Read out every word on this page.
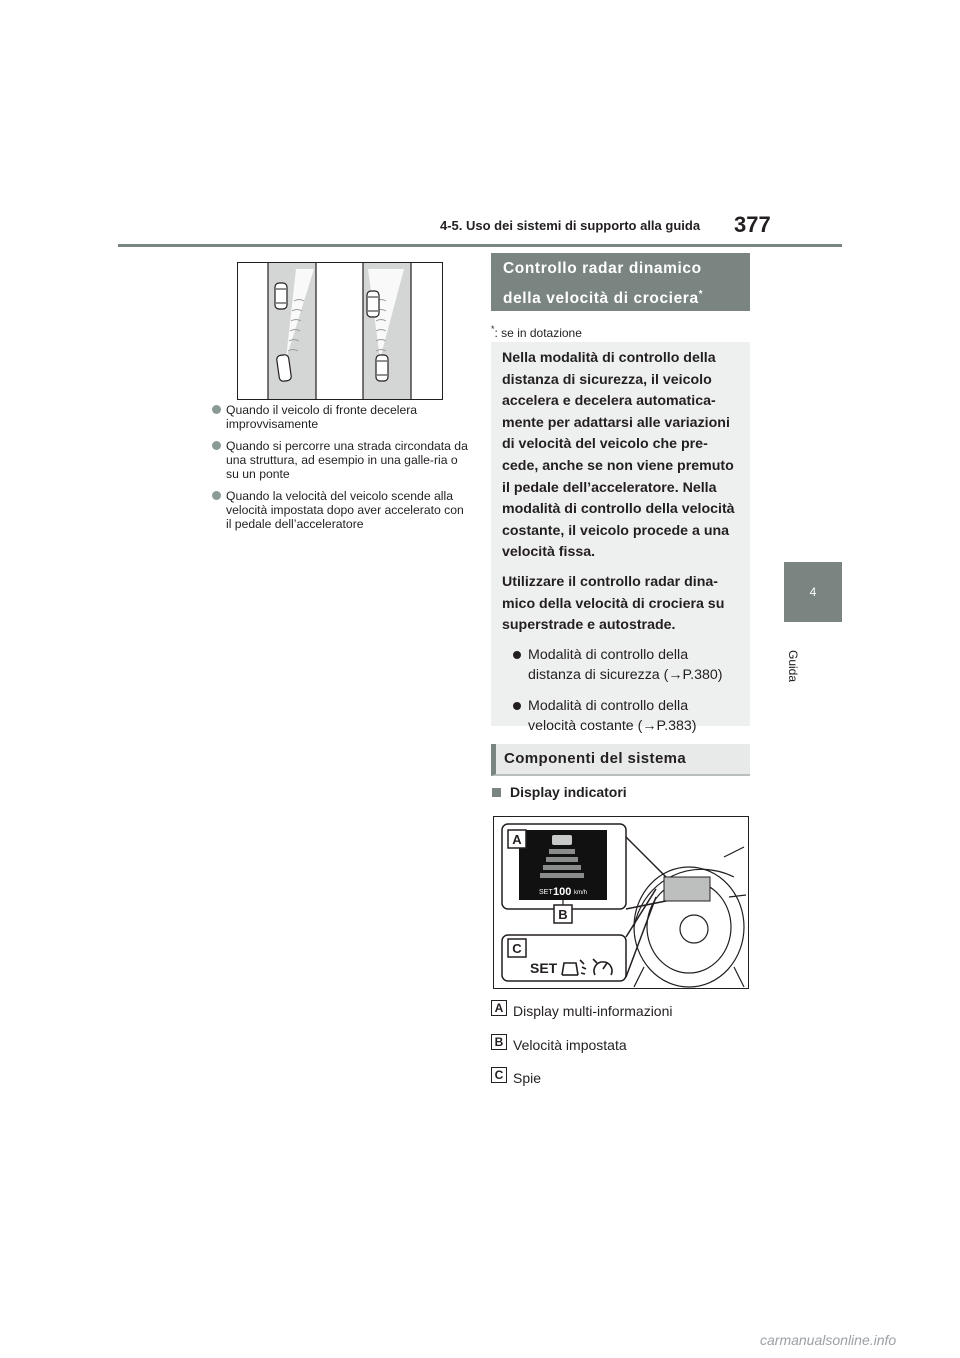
4-5. Uso dei sistemi di supporto alla guida 377
4
Guida
Quando il veicolo di fronte decelera improvvisamente
Quando si percorre una strada circondata da una struttura, ad esempio in una galle-ria o su un ponte
Quando la velocità del veicolo scende alla velocità impostata dopo aver accelerato con il pedale dell’acceleratore
Controllo radar dinamico della velocità di crociera*
*: se in dotazione

Nella modalità di controllo della distanza di sicurezza, il veicolo accelera e decelera automatica-mente per adattarsi alle variazioni di velocità del veicolo che pre-cede, anche se non viene premuto il pedale dell’acceleratore. Nella modalità di controllo della velocità costante, il veicolo procede a una velocità fissa.

Utilizzare il controllo radar dina-mico della velocità di crociera su superstrade e autostrade.

Modalità di controllo della distanza di sicurezza (→P.380)
Modalità di controllo della velocità costante (→P.383)
Componenti del sistema
Display indicatori
SET 100 km/h
A
B
C
SET
A Display multi-informazioni
B Velocità impostata
C Spie
carmanualsonline.info
